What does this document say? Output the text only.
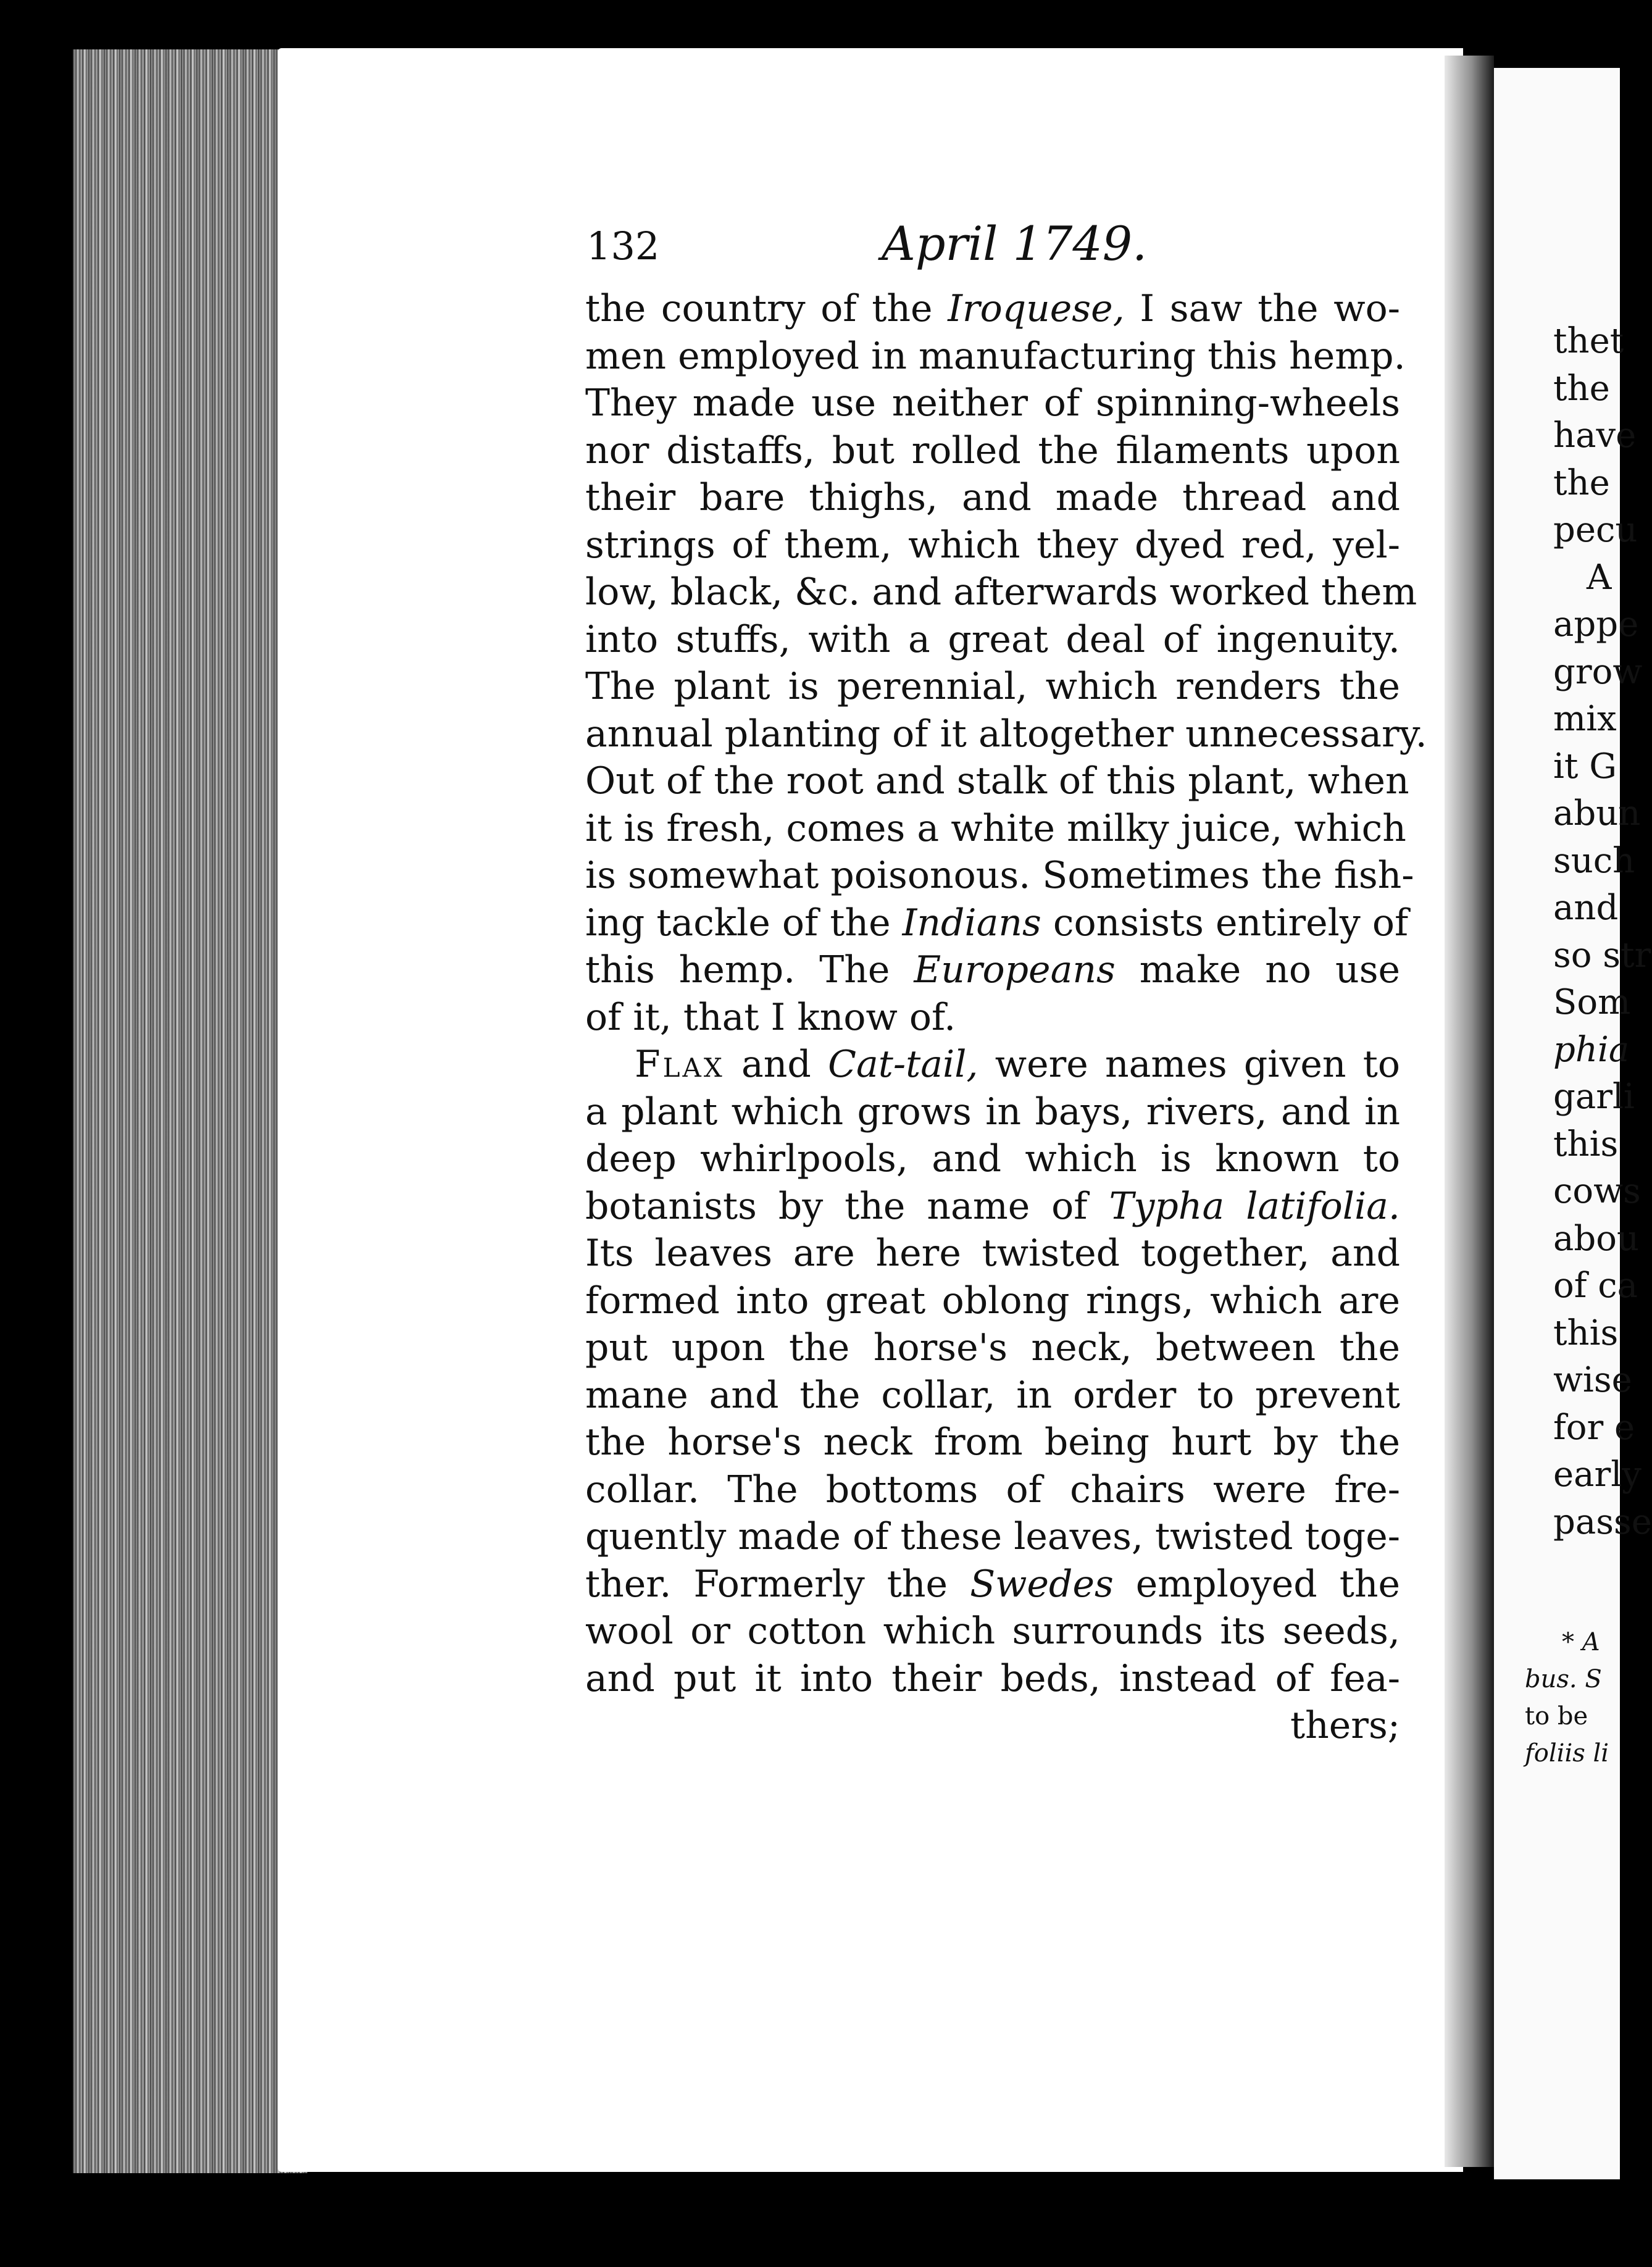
thet
the
have
the
pecu
A
appe
grow
mix
it G
abun
such
and
so str
Som
phia
garli
this
cows
abou
of ca
this
wise
for e
early
passe
* A
bus. S
to be
foliis li
132	April 1749.
the country of the Iroquese, I saw the wo-
men employed in manufacturing this hemp.
They made use neither of spinning-wheels
nor distaffs, but rolled the filaments upon
their bare thighs, and made thread and
strings of them, which they dyed red, yel-
low, black, &c. and afterwards worked them
into stuffs, with a great deal of ingenuity.
The plant is perennial, which renders the
annual planting of it altogether unnecessary.
Out of the root and stalk of this plant, when
it is fresh, comes a white milky juice, which
is somewhat poisonous. Sometimes the fish-
ing tackle of the Indians consists entirely of
this hemp. The Europeans make no use
of it, that I know of.
Flax and Cat-tail, were names given to
a plant which grows in bays, rivers, and in
deep whirlpools, and which is known to
botanists by the name of Typha latifolia.
Its leaves are here twisted together, and
formed into great oblong rings, which are
put upon the horse's neck, between the
mane and the collar, in order to prevent
the horse's neck from being hurt by the
collar. The bottoms of chairs were fre-
quently made of these leaves, twisted toge-
ther. Formerly the Swedes employed the
wool or cotton which surrounds its seeds,
and put it into their beds, instead of fea-
thers;
